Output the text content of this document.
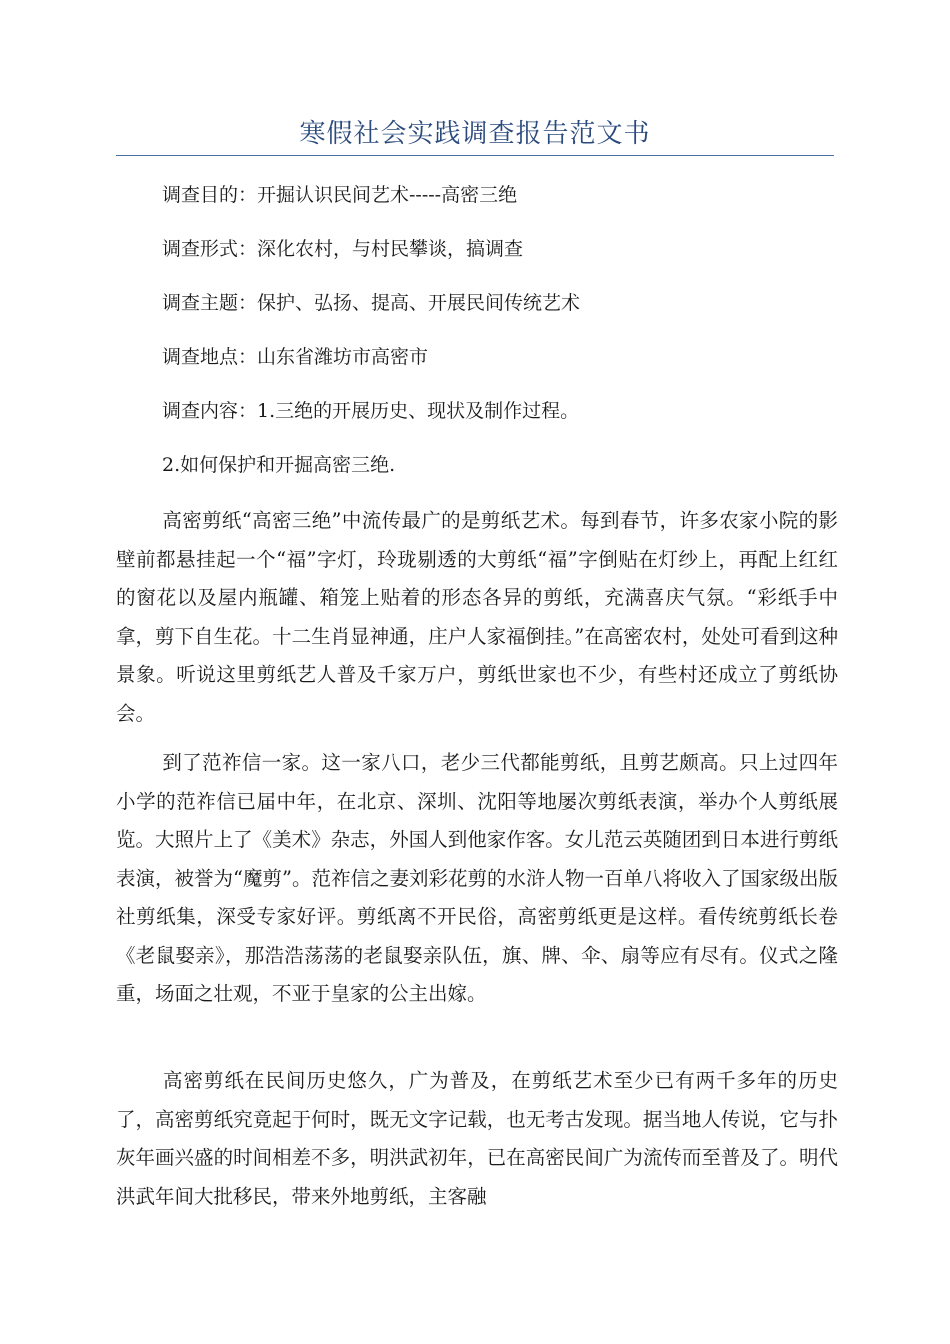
寒假社会实践调查报告范文书
调查目的：开掘认识民间艺术-----高密三绝
调查形式：深化农村，与村民攀谈，搞调查
调查主题：保护、弘扬、提高、开展民间传统艺术
调查地点：山东省潍坊市高密市
调查内容：1.三绝的开展历史、现状及制作过程。
2.如何保护和开掘高密三绝.

高密剪纸“高密三绝”中流传最广的是剪纸艺术。每到春节，许多农家小院的影壁前都悬挂起一个“福”字灯，玲珑剔透的大剪纸“福”字倒贴在灯纱上，再配上红红的窗花以及屋内瓶罐、箱笼上贴着的形态各异的剪纸，充满喜庆气氛。“彩纸手中拿，剪下自生花。十二生肖显神通，庄户人家福倒挂。”在高密农村，处处可看到这种景象。听说这里剪纸艺人普及千家万户，剪纸世家也不少，有些村还成立了剪纸协会。

到了范祚信一家。这一家八口，老少三代都能剪纸，且剪艺颇高。只上过四年小学的范祚信已届中年，在北京、深圳、沈阳等地屡次剪纸表演，举办个人剪纸展览。大照片上了《美术》杂志，外国人到他家作客。女儿范云英随团到日本进行剪纸表演，被誉为“魔剪”。范祚信之妻刘彩花剪的水浒人物一百单八将收入了国家级出版社剪纸集，深受专家好评。剪纸离不开民俗，高密剪纸更是这样。看传统剪纸长卷《老鼠娶亲》，那浩浩荡荡的老鼠娶亲队伍，旗、牌、伞、扇等应有尽有。仪式之隆重，场面之壮观，不亚于皇家的公主出嫁。

高密剪纸在民间历史悠久，广为普及，在剪纸艺术至少已有两千多年的历史了，高密剪纸究竟起于何时，既无文字记载，也无考古发现。据当地人传说，它与扑灰年画兴盛的时间相差不多，明洪武初年，已在高密民间广为流传而至普及了。明代洪武年间大批移民，带来外地剪纸，主客融
